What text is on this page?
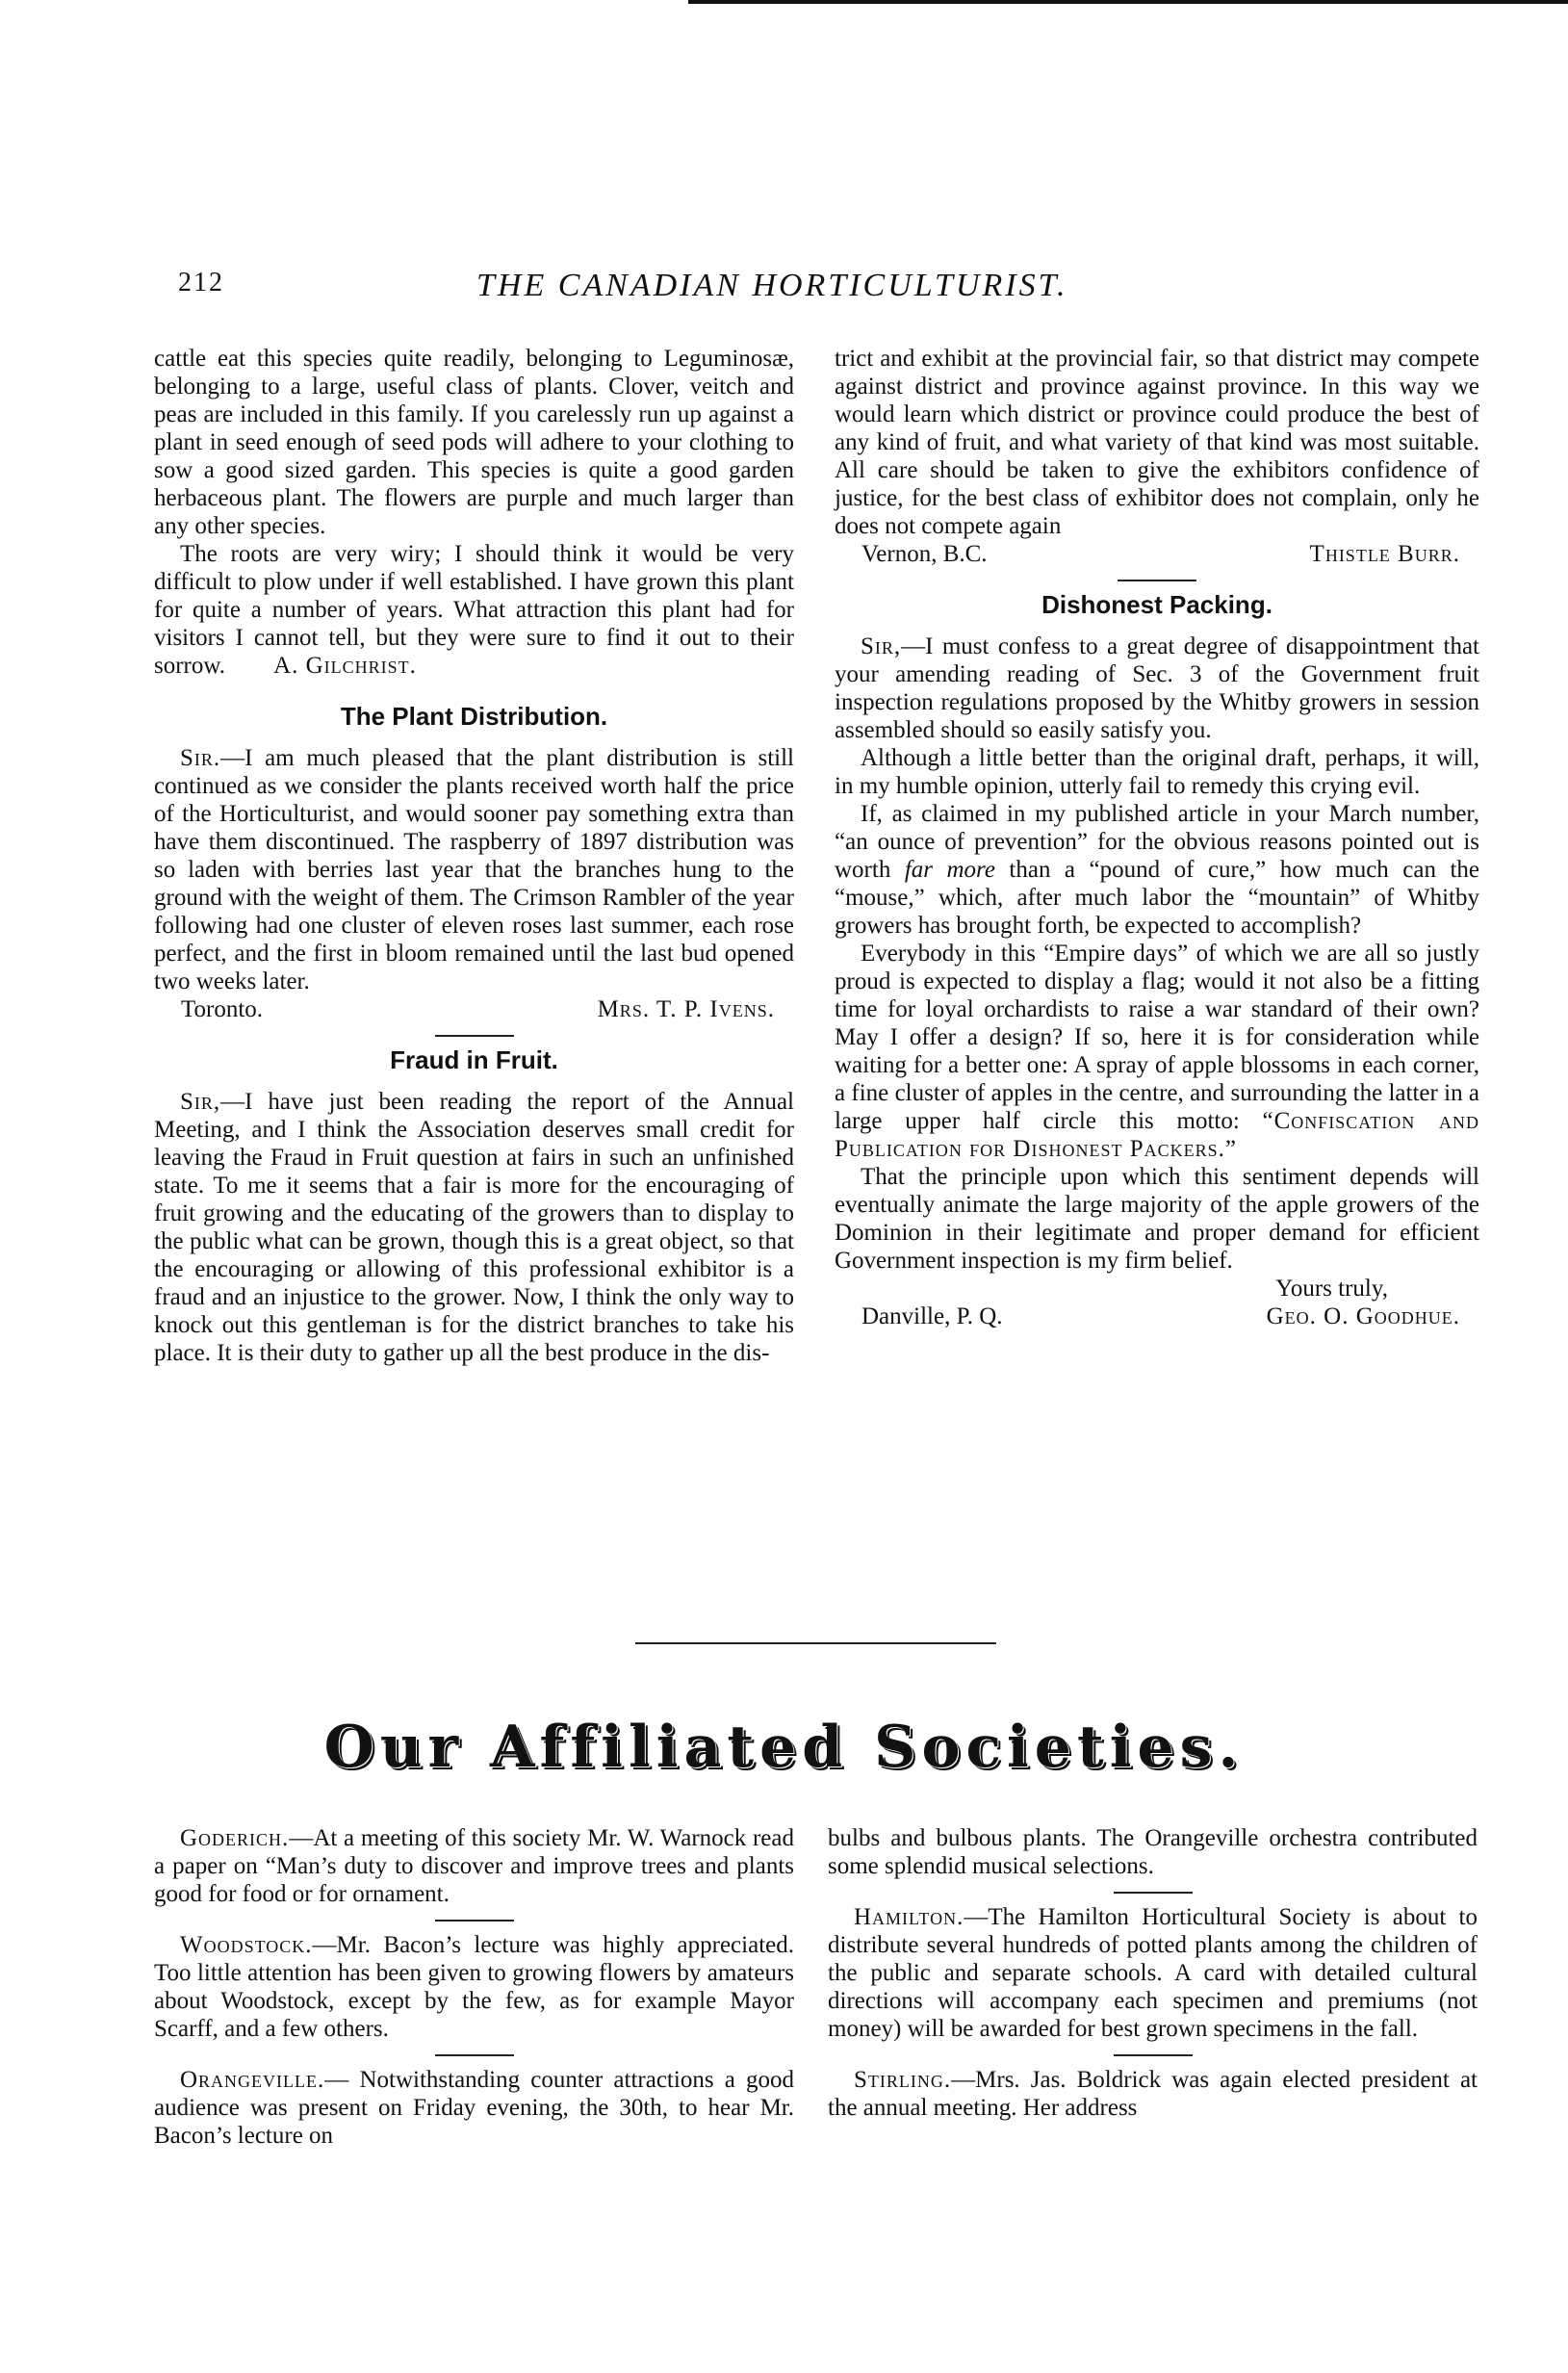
212	THE CANADIAN HORTICULTURIST.

cattle eat this species quite readily, belonging to Leguminosæ, belonging to a large, useful class of plants. Clover, veitch and peas are included in this family. If you carelessly run up against a plant in seed enough of seed pods will adhere to your clothing to sow a good sized garden. This species is quite a good garden herbaceous plant. The flowers are purple and much larger than any other species.

The roots are very wiry; I should think it would be very difficult to plow under if well established. I have grown this plant for quite a number of years. What attraction this plant had for visitors I cannot tell, but they were sure to find it out to their sorrow. A. Gilchrist.

The Plant Distribution.

Sir.—I am much pleased that the plant distribution is still continued as we consider the plants received worth half the price of the Horticulturist, and would sooner pay something extra than have them discontinued. The raspberry of 1897 distribution was so laden with berries last year that the branches hung to the ground with the weight of them. The Crimson Rambler of the year following had one cluster of eleven roses last summer, each rose perfect, and the first in bloom remained until the last bud opened two weeks later.

Toronto.	Mrs. T. P. Ivens.
Fraud in Fruit.

Sir,—I have just been reading the report of the Annual Meeting, and I think the Association deserves small credit for leaving the Fraud in Fruit question at fairs in such an unfinished state. To me it seems that a fair is more for the encouraging of fruit growing and the educating of the growers than to display to the public what can be grown, though this is a great object, so that the encouraging or allowing of this professional exhibitor is a fraud and an injustice to the grower. Now, I think the only way to knock out this gentleman is for the district branches to take his place. It is their duty to gather up all the best produce in the dis-

trict and exhibit at the provincial fair, so that district may compete against district and province against province. In this way we would learn which district or province could produce the best of any kind of fruit, and what variety of that kind was most suitable. All care should be taken to give the exhibitors confidence of justice, for the best class of exhibitor does not complain, only he does not compete again

Vernon, B.C.	Thistle Burr.
Dishonest Packing.

Sir,—I must confess to a great degree of disappointment that your amending reading of Sec. 3 of the Government fruit inspection regulations proposed by the Whitby growers in session assembled should so easily satisfy you.

Although a little better than the original draft, perhaps, it will, in my humble opinion, utterly fail to remedy this crying evil.

If, as claimed in my published article in your March number, “an ounce of prevention” for the obvious reasons pointed out is worth far more than a “pound of cure,” how much can the “mouse,” which, after much labor the “mountain” of Whitby growers has brought forth, be expected to accomplish?

Everybody in this “Empire days” of which we are all so justly proud is expected to display a flag; would it not also be a fitting time for loyal orchardists to raise a war standard of their own? May I offer a design? If so, here it is for consideration while waiting for a better one: A spray of apple blossoms in each corner, a fine cluster of apples in the centre, and surrounding the latter in a large upper half circle this motto: “Confiscation and Publication for Dishonest Packers.”

That the principle upon which this sentiment depends will eventually animate the large majority of the apple growers of the Dominion in their legitimate and proper demand for efficient Government inspection is my firm belief.

Yours truly,

Danville, P. Q.	Geo. O. Goodhue.
Our Affiliated Societies.

Goderich.—At a meeting of this society Mr. W. Warnock read a paper on “Man’s duty to discover and improve trees and plants good for food or for ornament.

Woodstock.—Mr. Bacon’s lecture was highly appreciated. Too little attention has been given to growing flowers by amateurs about Woodstock, except by the few, as for example Mayor Scarff, and a few others.

Orangeville.— Notwithstanding counter attractions a good audience was present on Friday evening, the 30th, to hear Mr. Bacon’s lecture on

bulbs and bulbous plants. The Orangeville orchestra contributed some splendid musical selections.

Hamilton.—The Hamilton Horticultural Society is about to distribute several hundreds of potted plants among the children of the public and separate schools. A card with detailed cultural directions will accompany each specimen and premiums (not money) will be awarded for best grown specimens in the fall.

Stirling.—Mrs. Jas. Boldrick was again elected president at the annual meeting. Her address
